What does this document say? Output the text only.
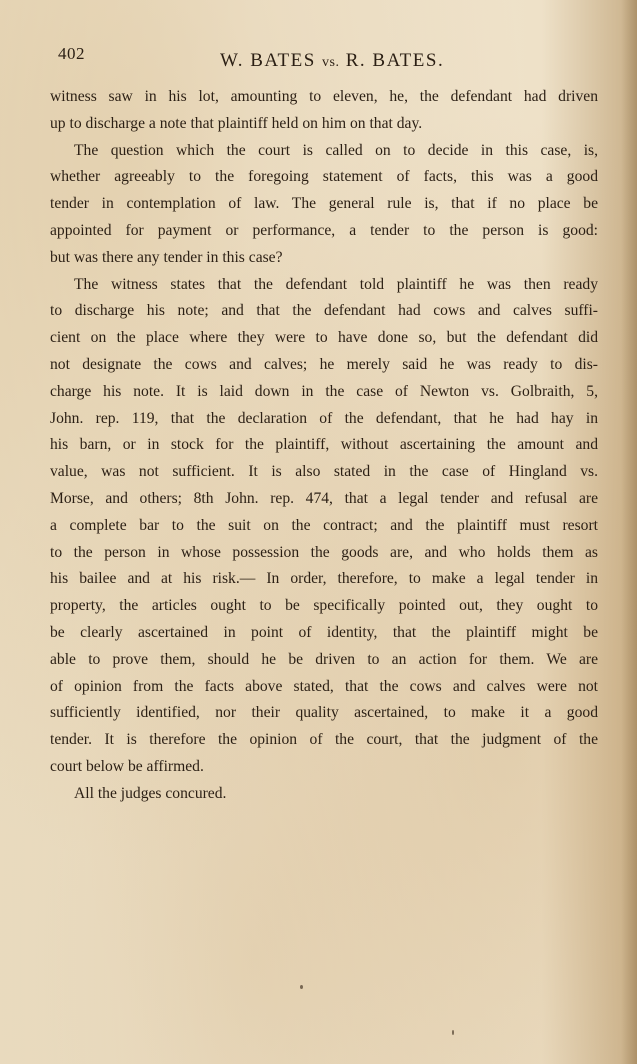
402	W. BATES vs. R. BATES.
witness saw in his lot, amounting to eleven, he, the defendant had driven
up to discharge a note that plaintiff held on him on that day.
The question which the court is called on to decide in this case, is,
whether agreeably to the foregoing statement of facts, this was a good
tender in contemplation of law. The general rule is, that if no place be
appointed for payment or performance, a tender to the person is good:
but was there any tender in this case?
The witness states that the defendant told plaintiff he was then ready
to discharge his note; and that the defendant had cows and calves suffi-
cient on the place where they were to have done so, but the defendant did
not designate the cows and calves; he merely said he was ready to dis-
charge his note. It is laid down in the case of Newton vs. Golbraith, 5,
John. rep. 119, that the declaration of the defendant, that he had hay in
his barn, or in stock for the plaintiff, without ascertaining the amount and
value, was not sufficient. It is also stated in the case of Hingland vs.
Morse, and others; 8th John. rep. 474, that a legal tender and refusal are
a complete bar to the suit on the contract; and the plaintiff must resort
to the person in whose possession the goods are, and who holds them as
his bailee and at his risk.— In order, therefore, to make a legal tender in
property, the articles ought to be specifically pointed out, they ought to
be clearly ascertained in point of identity, that the plaintiff might be
able to prove them, should he be driven to an action for them. We are
of opinion from the facts above stated, that the cows and calves were not
sufficiently identified, nor their quality ascertained, to make it a good
tender. It is therefore the opinion of the court, that the judgment of the
court below be affirmed.
All the judges concured.
